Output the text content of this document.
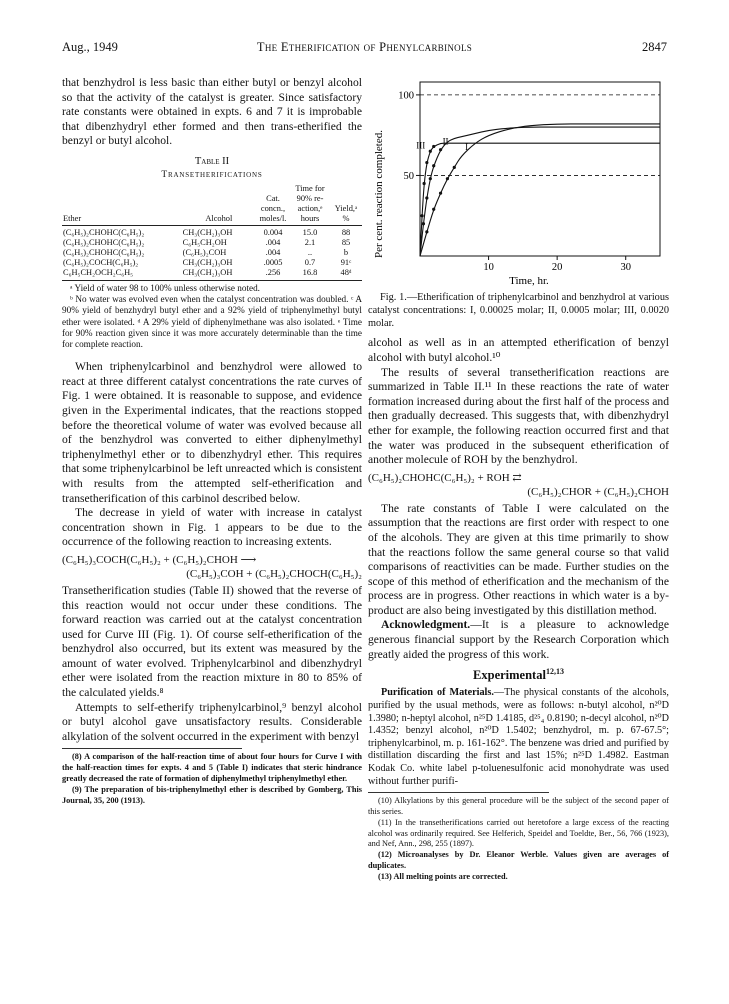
Aug., 1949	The Etherification of Phenylcarbinols	2847

that benzhydrol is less basic than either butyl or benzyl alcohol so that the activity of the catalyst is greater. Since satisfactory rate constants were obtained in expts. 6 and 7 it is improbable that dibenzhydryl ether formed and then trans-etherified the benzyl or butyl alcohol.

Table II
Transetherifications
Ether	Alcohol	Cat. concn., moles/l.	Time for 90% re- action,ᵉ hours	Yield,ᵃ %
(C₆H₅)₂CHOHC(C₆H₅)₂	CH₃(CH₂)₃OH	0.004	15.0	88
(C₆H₅)₂CHOHC(C₆H₅)₂	C₆H₅CH₂OH	.004	2.1	85
(C₆H₅)₂CHOHC(C₆H₅)₂	(C₆H₅)₂COH	.004	..	b
(C₆H₅)₂COCH(C₆H₅)₂	CH₃(CH₂)₃OH	.0005	0.7	91ᶜ
C₆H₅CH₂OCH₂C₆H₅	CH₃(CH₂)₃OH	.256	16.8	48ᵈ

ᵃ Yield of water 98 to 100% unless otherwise noted.

ᵇ No water was evolved even when the catalyst concentration was doubled. ᶜ A 90% yield of benzhydryl butyl ether and a 92% yield of triphenylmethyl butyl ether were isolated. ᵈ A 29% yield of diphenylmethane was also isolated. ᵉ Time for 90% reaction given since it was more accurately determinable than the time for complete reaction.

When triphenylcarbinol and benzhydrol were allowed to react at three different catalyst concentrations the rate curves of Fig. 1 were obtained. It is reasonable to suppose, and evidence given in the Experimental indicates, that the reactions stopped before the theoretical volume of water was evolved because all of the benzhydrol was converted to either diphenylmethyl triphenylmethyl ether or to dibenzhydryl ether. This requires that some triphenylcarbinol be left unreacted which is consistent with results from the attempted self-etherification and transetherification of this carbinol described below.

The decrease in yield of water with increase in catalyst concentration shown in Fig. 1 appears to be due to the occurrence of the following reaction to increasing extents.

(C₆H₅)₃COCH(C₆H₅)₂ + (C₆H₅)₂CHOH ⟶
(C₆H₅)₃COH + (C₆H₅)₂CHOCH(C₆H₅)₂

Transetherification studies (Table II) showed that the reverse of this reaction would not occur under these conditions. The forward reaction was carried out at the catalyst concentration used for Curve III (Fig. 1). Of course self-etherification of the benzhydrol also occurred, but its extent was measured by the amount of water evolved. Triphenylcarbinol and dibenzhydryl ether were isolated from the reaction mixture in 80 to 85% of the calculated yields.⁸

Attempts to self-etherify triphenylcarbinol,⁹ benzyl alcohol or butyl alcohol gave unsatisfactory results. Considerable alkylation of the solvent occurred in the experiment with benzyl

(8) A comparison of the half-reaction time of about four hours for Curve I with the half-reaction times for expts. 4 and 5 (Table I) indicates that steric hindrance greatly decreased the rate of formation of diphenylmethyl triphenylmethyl ether.

(9) The preparation of bis-triphenylmethyl ether is described by Gomberg, This Journal, 35, 200 (1913).

10	20	30
50
100
I
II
III
Per cent. reaction completed.
Time, hr.

Fig. 1.—Etherification of triphenylcarbinol and benzhydrol at various catalyst concentrations: I, 0.00025 molar; II, 0.0005 molar; III, 0.0020 molar.

alcohol as well as in an attempted etherification of benzyl alcohol with butyl alcohol.¹⁰

The results of several transetherification reactions are summarized in Table II.¹¹ In these reactions the rate of water formation increased during about the first half of the process and then gradually decreased. This suggests that, with dibenzhydryl ether for example, the following reaction occurred first and that the water was produced in the subsequent etherification of another molecule of ROH by the benzhydrol.

(C₆H₅)₂CHOHC(C₆H₅)₂ + ROH ⇄
(C₆H₅)₂CHOR + (C₆H₅)₂CHOH

The rate constants of Table I were calculated on the assumption that the reactions are first order with respect to one of the alcohols. They are given at this time primarily to show that the reactions follow the same general course so that valid comparisons of reactivities can be made. Further studies on the scope of this method of etherification and the mechanism of the process are in progress. Other reactions in which water is a by-product are also being investigated by this distillation method.

Acknowledgment.—It is a pleasure to acknowledge generous financial support by the Research Corporation which greatly aided the progress of this work.

Experimental$^{12,13}$

Purification of Materials.—The physical constants of the alcohols, purified by the usual methods, were as follows: n-butyl alcohol, n²⁰D 1.3980; n-heptyl alcohol, n²⁵D 1.4185, d²⁵₄ 0.8190; n-decyl alcohol, n²⁰D 1.4352; benzyl alcohol, n²⁰D 1.5402; benzhydrol, m. p. 67-67.5°; triphenylcarbinol, m. p. 161-162°. The benzene was dried and purified by distillation discarding the first and last 15%; n²⁵D 1.4982. Eastman Kodak Co. white label p-toluenesulfonic acid monohydrate was used without further purifi-

(10) Alkylations by this general procedure will be the subject of the second paper of this series.

(11) In the transetherifications carried out heretofore a large excess of the reacting alcohol was ordinarily required. See Helferich, Speidel and Toeldte, Ber., 56, 766 (1923), and Nef, Ann., 298, 255 (1897).

(12) Microanalyses by Dr. Eleanor Werble. Values given are averages of duplicates.

(13) All melting points are corrected.
